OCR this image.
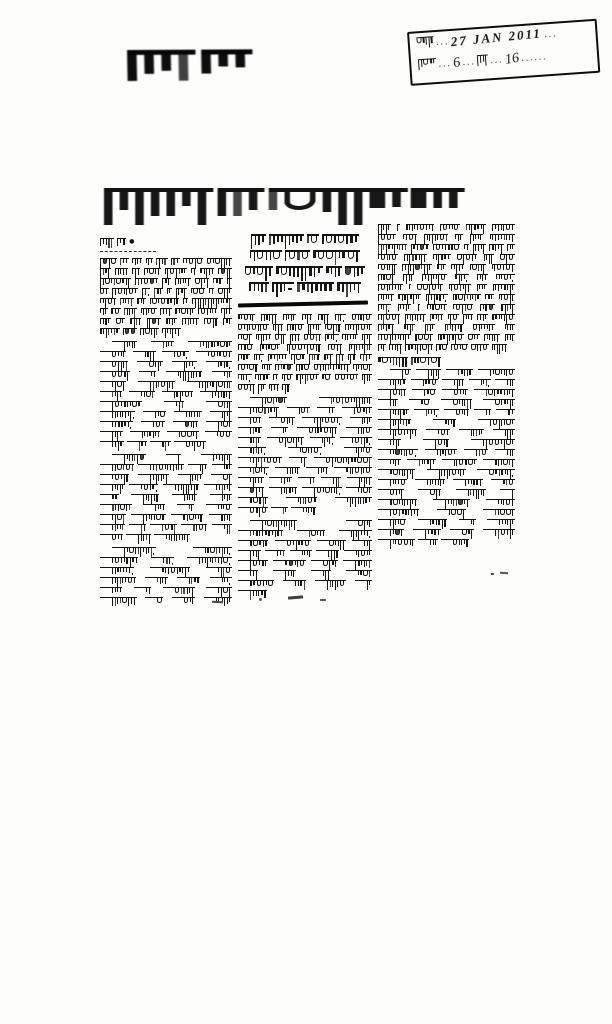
... 27 JAN 2011 ...
... 6 ... ... 16 ......

●
